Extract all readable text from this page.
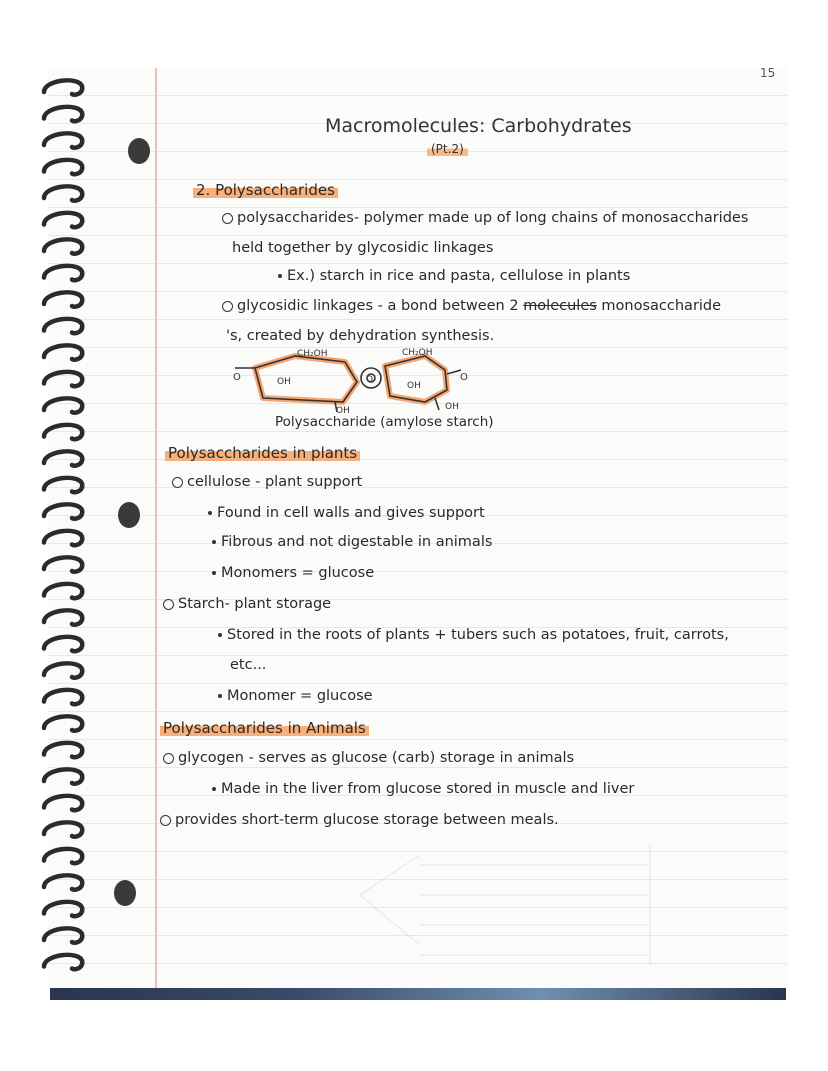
15
Macromolecules: Carbohydrates
(Pt.2)
2. Polysaccharides
polysaccharides- polymer made up of long chains of monosaccharides
held together by glycosidic linkages
Ex.) starch in rice and pasta, cellulose in plants
glycosidic linkages - a bond between 2 molecules monosaccharide
's, created by dehydration synthesis.
CH₂OH	CH₂OH
OH	OH
OH	OH
O	O	O
Polysaccharide (amylose starch)
Polysaccharides in plants
cellulose - plant support
Found in cell walls and gives support
Fibrous and not digestable in animals
Monomers = glucose
Starch- plant storage
Stored in the roots of plants + tubers such as potatoes, fruit, carrots,
etc...
Monomer = glucose
Polysaccharides in Animals
glycogen - serves as glucose (carb) storage in animals
Made in the liver from glucose stored in muscle and liver
provides short-term glucose storage between meals.
